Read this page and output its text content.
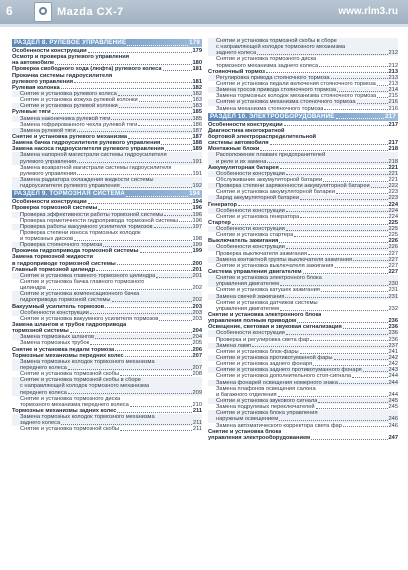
6	Mazda CX-7	www.rlm3.ru
РАЗДЕЛ 8. РУЛЕВОЕ УПРАВЛЕНИЕ	179
Особенности конструкции	179
Осмотр и проверка рулевого управления
на автомобиле	180
Проверка свободного хода (люфта) рулевого колеса	181
Прокачка системы гидроусилителя
рулевого управления	181
Рулевая колонка	182
Снятие и установка рулевого колеса	182
Снятие и установка кожуха рулевой колонки	183
Снятие и установка рулевой колонки	183
Рулевые тяги	185
Замена наконечника рулевой тяги	185
Замена гофрированного чехла рулевой тяги	186
Замена рулевой тяги	187
Снятие и установка рулевого механизма	187
Замена бачка гидроусилителя рулевого управления	188
Замена насоса гидроусилителя рулевого управления	189
Замена напорной магистрали системы гидроусилителя
рулевого управления	191
Замена возвратной магистрали системы гидроусилителя
рулевого управления	191
Замена радиатора охлаждения жидкости системы
гидроусилителя рулевого управления	192
РАЗДЕЛ 9. ТОРМОЗНАЯ СИСТЕМА	194
Особенности конструкции	194
Проверка тормозной системы	196
Проверка эффективности работы тормозной системы	196
Проверка герметичности гидропривода тормозной системы	196
Проверка работы вакуумного усилителя тормозов	197
Проверка степени износа тормозных колодок
и тормозных дисков	198
Проверка стояночного тормоза	199
Прокачка гидропривода тормозной системы	199
Замена тормозной жидкости
в гидроприводе тормозной системы	200
Главный тормозной цилиндр	201
Снятие и установка главного тормозного цилиндра	201
Снятие и установка бачка главного тормозного
цилиндра	202
Снятие и установка компенсационного бачка
гидропривода тормозной системы	202
Вакуумный усилитель тормозов	203
Особенности конструкции	203
Снятие и установка вакуумного усилителя тормозов	203
Замена шлангов и трубок гидропривода
тормозной системы	204
Замена тормозных шлангов	204
Замена тормозных трубок	205
Снятие и установка педали тормоза	206
Тормозные механизмы передних колес	207
Замена тормозных колодок тормозного механизма
переднего колеса	207
Снятие и установка тормозной скобы	208
Снятие и установка тормозной скобы в сборе
с направляющей колодок тормозного механизма
переднего колеса	209
Снятие и установка тормозного диска
тормозного механизма переднего колеса	210
Тормозные механизмы задних колес	211
Замена тормозных колодок тормозного механизма
заднего колеса	211
Снятие и установка тормозной скобы	211
Снятие и установка тормозной скобы в сборе
с направляющей колодок тормозного механизма
заднего колеса	212
Снятие и установка тормозного диска
тормозного механизма заднего колеса	212
Стояночный тормоз	213
Регулировка привода стояночного тормоза	213
Снятие и установка педали включения стояночного тормоза 213
Замена тросов привода стояночного тормоза	214
Замена тормозных колодок механизма стояночного тормоза 215
Снятие и установка механизма стояночного тормоза	216
Замена механизма стояночного тормоза	216
РАЗДЕЛ 10. ЭЛЕКТРООБОРУДОВАНИЕ	217
Особенности конструкции	217
Диагностика многократной
бортовой электрораспределительной
системы автомобиля	217
Монтажные блоки	218
Расположение плавких предохранителей
и реле и их замена	218
Аккумуляторная батарея	221
Особенности конструкции	221
Обслуживание аккумуляторной батареи	221
Проверка степени заряженности аккумуляторной батареи	222
Снятие и установка аккумуляторной батареи	223
Заряд аккумуляторной батареи	223
Генератор	224
Особенности конструкции	224
Снятие и установка генератора	224
Стартер	225
Особенности конструкции	225
Снятие и установка стартера	225
Выключатель зажигания	226
Особенности конструкции	226
Проверка выключателя зажигания	227
Замена контактной группы выключателя зажигания	227
Снятие и установка выключателя зажигания	227
Система управления двигателем	227
Снятие и установка электронного блока
управления двигателем	230
Снятие и установка катушек зажигания	231
Замена свечей зажигания	231
Снятие и установка датчиков системы
управления двигателем	232
Снятие и установка электронного блока
управления полным приводом	236
Освещение, световая и звуковая сигнализация	236
Особенности конструкции	236
Проверка и регулировка света фар	236
Замена ламп	237
Снятие и установка блок-фары	241
Снятие и установка противотуманной фары	242
Снятие и установка заднего фонаря	242
Снятие и установка заднего противотуманного фонаря	243
Снятие и установка дополнительного стоп-сигнала	244
Замена фонарей освещения номерного знака	244
Замена плафонов освещения салона
и багажного отделения	244
Снятие и установка звукового сигнала	245
Замена подрулевых переключателей	245
Снятие и установка блока управления
наружным освещением	246
Замена автоматического корректора света фар	246
Снятие и установка блока
управления электрооборудованием	247
